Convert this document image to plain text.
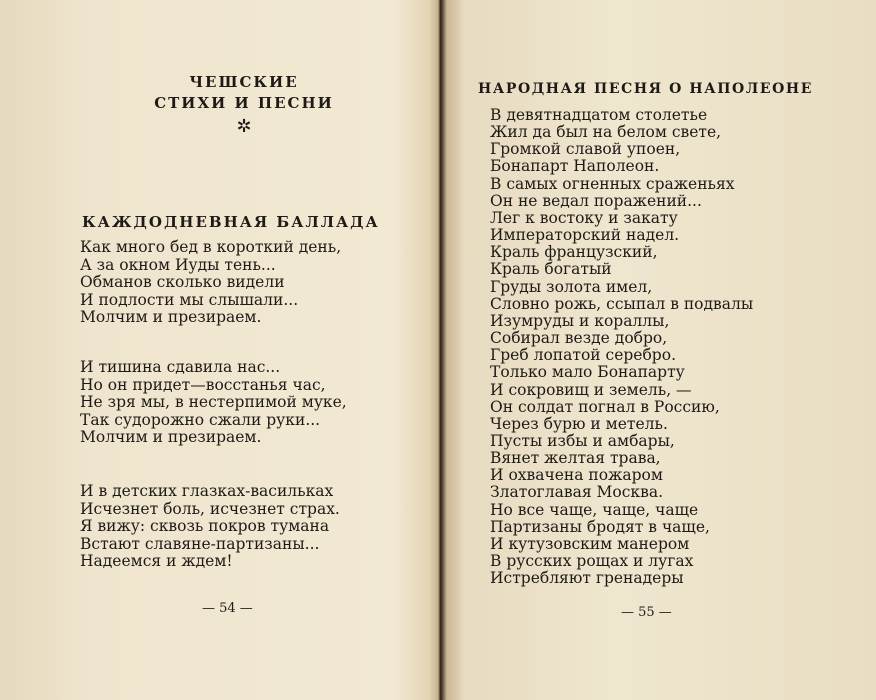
ЧЕШСКИЕ
СТИХИ И ПЕСНИ
✲
КАЖДОДНЕВНАЯ БАЛЛАДА
Как много бед в короткий день,
А за окном Иуды тень...
Обманов сколько видели
И подлости мы слышали...
Молчим и презираем.
И тишина сдавила нас...
Но он придет—восстанья час,
Не зря мы, в нестерпимой муке,
Так судорожно сжали руки...
Молчим и презираем.
И в детских глазках-васильках
Исчезнет боль, исчезнет страх.
Я вижу: сквозь покров тумана
Встают славяне-партизаны...
Надеемся и ждем!
— 54 —
НАРОДНАЯ ПЕСНЯ О НАПОЛЕОНЕ
В девятнадцатом столетье
Жил да был на белом свете,
Громкой славой упоен,
Бонапарт Наполеон.
В самых огненных сраженьях
Он не ведал поражений...
Лег к востоку и закату
Императорский надел.
Краль французский,
Краль богатый
Груды золота имел,
Словно рожь, ссыпал в подвалы
Изумруды и кораллы,
Собирал везде добро,
Греб лопатой серебро.
Только мало Бонапарту
И сокровищ и земель, —
Он солдат погнал в Россию,
Через бурю и метель.
Пусты избы и амбары,
Вянет желтая трава,
И охвачена пожаром
Златоглавая Москва.
Но все чаще, чаще, чаще
Партизаны бродят в чаще,
И кутузовским манером
В русских рощах и лугах
Истребляют гренадеры
— 55 —
